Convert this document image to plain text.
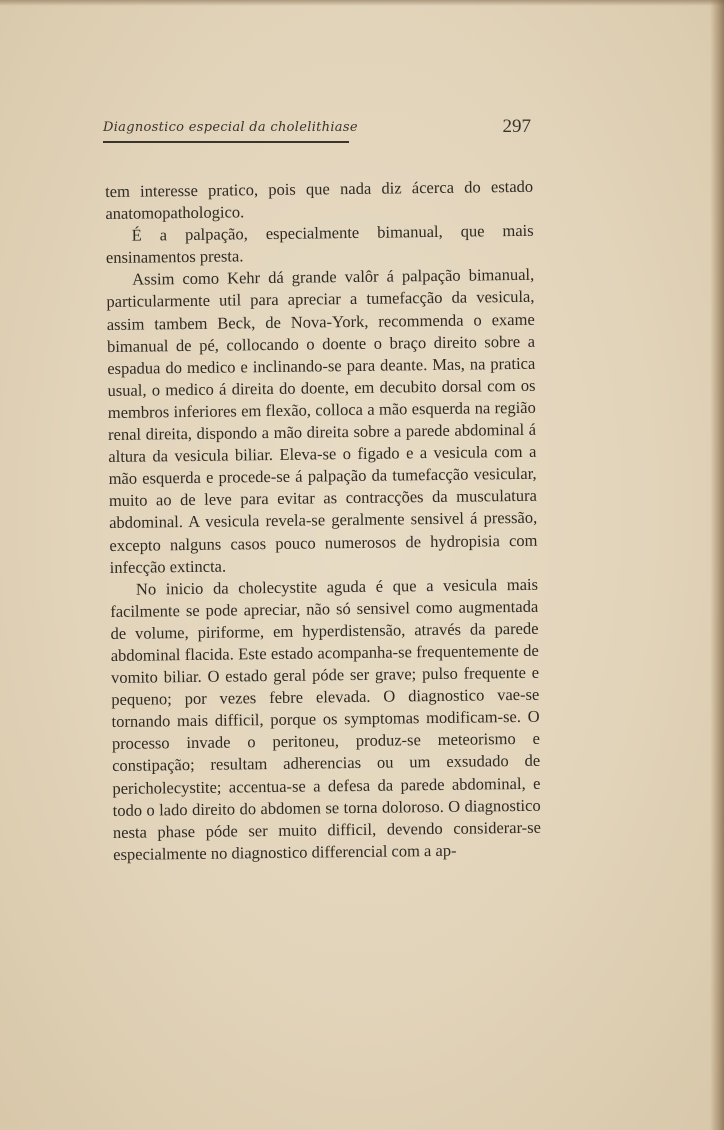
Diagnostico especial da cholelithiase	297

tem interesse pratico, pois que nada diz ácerca do estado anatomopathologico.

É a palpação, especialmente bimanual, que mais ensinamentos presta.

Assim como Kehr dá grande valôr á palpação bimanual, particularmente util para apreciar a tumefacção da vesicula, assim tambem Beck, de Nova-York, recommenda o exame bimanual de pé, collocando o doente o braço direito sobre a espadua do medico e inclinando-se para deante. Mas, na pratica usual, o medico á direita do doente, em decubito dorsal com os membros inferiores em flexão, colloca a mão esquerda na região renal direita, dispondo a mão direita sobre a parede abdominal á altura da vesicula biliar. Eleva-se o figado e a vesicula com a mão esquerda e procede-se á palpação da tumefacção vesicular, muito ao de leve para evitar as contracções da musculatura abdominal. A vesicula revela-se geralmente sensivel á pressão, excepto nalguns casos pouco numerosos de hydropisia com infecção extincta.

No inicio da cholecystite aguda é que a vesicula mais facilmente se pode apreciar, não só sensivel como augmentada de volume, piriforme, em hyperdistensão, através da parede abdominal flacida. Este estado acompanha-se frequentemente de vomito biliar. O estado geral póde ser grave; pulso frequente e pequeno; por vezes febre elevada. O diagnostico vae-se tornando mais difficil, porque os symptomas modificam-se. O processo invade o peritoneu, produz-se meteorismo e constipação; resultam adherencias ou um exsudado de pericholecystite; accentua-se a defesa da parede abdominal, e todo o lado direito do abdomen se torna doloroso. O diagnostico nesta phase póde ser muito difficil, devendo considerar-se especialmente no diagnostico differencial com a ap-
